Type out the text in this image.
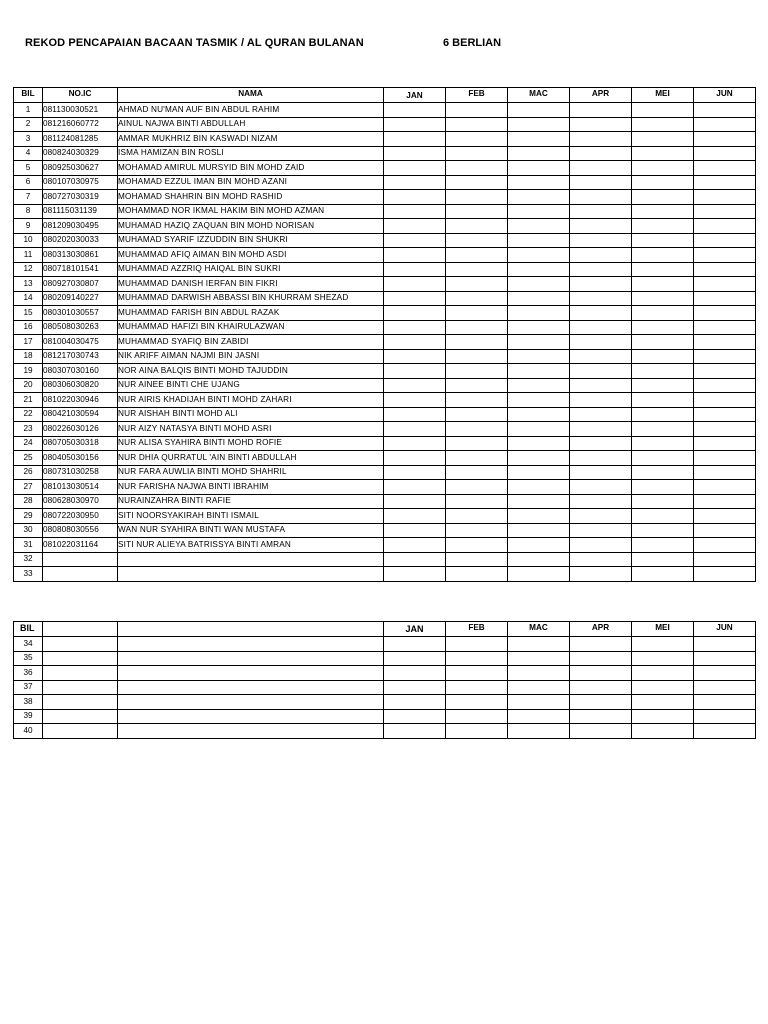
REKOD PENCAPAIAN BACAAN TASMIK / AL QURAN BULANAN	6 BERLIAN
BIL	NO.IC	NAMA	JAN	FEB	MAC	APR	MEI	JUN
1	081130030521	AHMAD NU'MAN AUF BIN ABDUL RAHIM						
2	081216060772	AINUL NAJWA BINTI ABDULLAH						
3	081124081285	AMMAR MUKHRIZ BIN KASWADI NIZAM						
4	080824030329	ISMA HAMIZAN BIN ROSLI						
5	080925030627	MOHAMAD AMIRUL MURSYID BIN MOHD ZAID						
6	080107030975	MOHAMAD EZZUL IMAN BIN MOHD AZANI						
7	080727030319	MOHAMAD SHAHRIN BIN MOHD RASHID						
8	081115031139	MOHAMMAD NOR IKMAL HAKIM BIN MOHD AZMAN						
9	081209030495	MUHAMAD HAZIQ ZAQUAN BIN MOHD NORISAN						
10	080202030033	MUHAMAD SYARIF IZZUDDIN BIN SHUKRI						
11	080313030861	MUHAMMAD AFIQ AIMAN BIN MOHD ASDI						
12	080718101541	MUHAMMAD AZZRIQ HAIQAL BIN SUKRI						
13	080927030807	MUHAMMAD DANISH IERFAN BIN FIKRI						
14	080209140227	MUHAMMAD DARWISH ABBASSI BIN KHURRAM SHEZAD						
15	080301030557	MUHAMMAD FARISH BIN ABDUL RAZAK						
16	080508030263	MUHAMMAD HAFIZI BIN KHAIRULAZWAN						
17	081004030475	MUHAMMAD SYAFIQ BIN ZABIDI						
18	081217030743	NIK ARIFF AIMAN NAJMI BIN JASNI						
19	080307030160	NOR AINA BALQIS BINTI MOHD TAJUDDIN						
20	080306030820	NUR AINEE BINTI CHE UJANG						
21	081022030946	NUR AIRIS KHADIJAH BINTI MOHD ZAHARI						
22	080421030594	NUR AISHAH BINTI MOHD ALI						
23	080226030126	NUR AIZY NATASYA BINTI MOHD ASRI						
24	080705030318	NUR ALISA SYAHIRA BINTI MOHD ROFIE						
25	080405030156	NUR DHIA QURRATUL 'AIN BINTI ABDULLAH						
26	080731030258	NUR FARA AUWLIA BINTI MOHD SHAHRIL						
27	081013030514	NUR FARISHA NAJWA BINTI IBRAHIM						
28	080628030970	NURAINZAHRA BINTI RAFIE						
29	080722030950	SITI NOORSYAKIRAH BINTI ISMAIL						
30	080808030556	WAN NUR SYAHIRA BINTI WAN MUSTAFA						
31	081022031164	SITI NUR ALIEYA BATRISSYA BINTI AMRAN						
32								
33								
BIL			JAN	FEB	MAC	APR	MEI	JUN
34								
35								
36								
37								
38								
39								
40								
